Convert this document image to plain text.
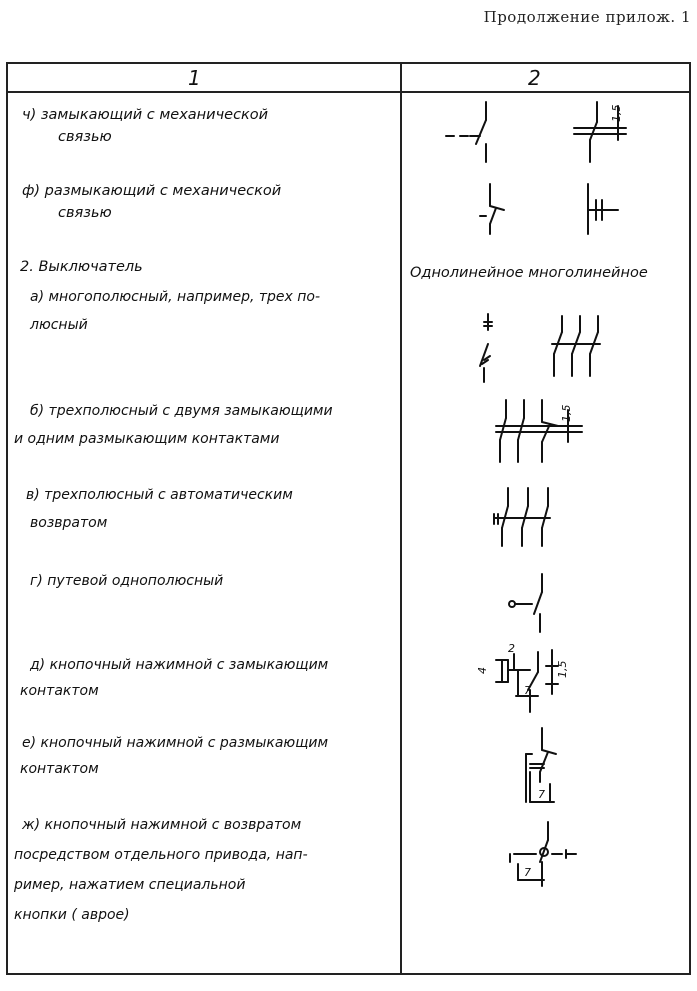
Продолжение прилож. 1
1	2
ч) замыкающий с механической
связью
ф) размыкающий с механической
связью
2. Выключатель
а) многополюсный, например, трех по-
люсный
б) трехполюсный с двумя замыкающими
и одним размыкающим контактами
в) трехполюсный с автоматическим
возвратом
г) путевой однополюсный
д) кнопочный нажимной с замыкающим
контактом
е) кнопочный нажимной с размыкающим
контактом
ж) кнопочный нажимной с возвратом
посредством отдельного привода, нап-
ример, нажатием специальной
кнопки ( аврое)
Однолинейное многолинейное
1,5
1,5
2
4
7
1,5
7
7
